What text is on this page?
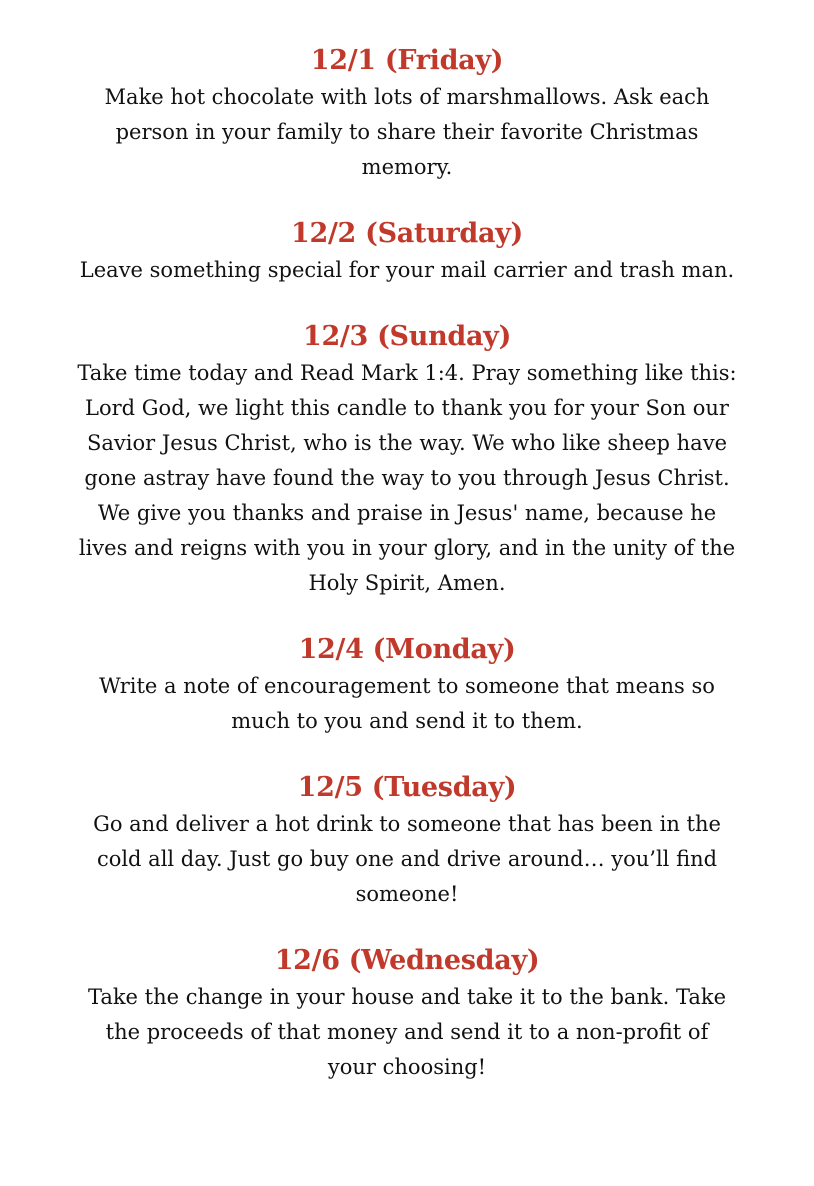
12/1 (Friday)

Make hot chocolate with lots of marshmallows. Ask each
person in your family to share their favorite Christmas
memory.

12/2 (Saturday)

Leave something special for your mail carrier and trash man.

12/3 (Sunday)

Take time today and Read Mark 1:4. Pray something like this:
Lord God, we light this candle to thank you for your Son our
Savior Jesus Christ, who is the way. We who like sheep have
gone astray have found the way to you through Jesus Christ.
We give you thanks and praise in Jesus' name, because he
lives and reigns with you in your glory, and in the unity of the
Holy Spirit, Amen.

12/4 (Monday)

Write a note of encouragement to someone that means so
much to you and send it to them.

12/5 (Tuesday)

Go and deliver a hot drink to someone that has been in the
cold all day. Just go buy one and drive around… you’ll find
someone!

12/6 (Wednesday)

Take the change in your house and take it to the bank. Take
the proceeds of that money and send it to a non-profit of
your choosing!
